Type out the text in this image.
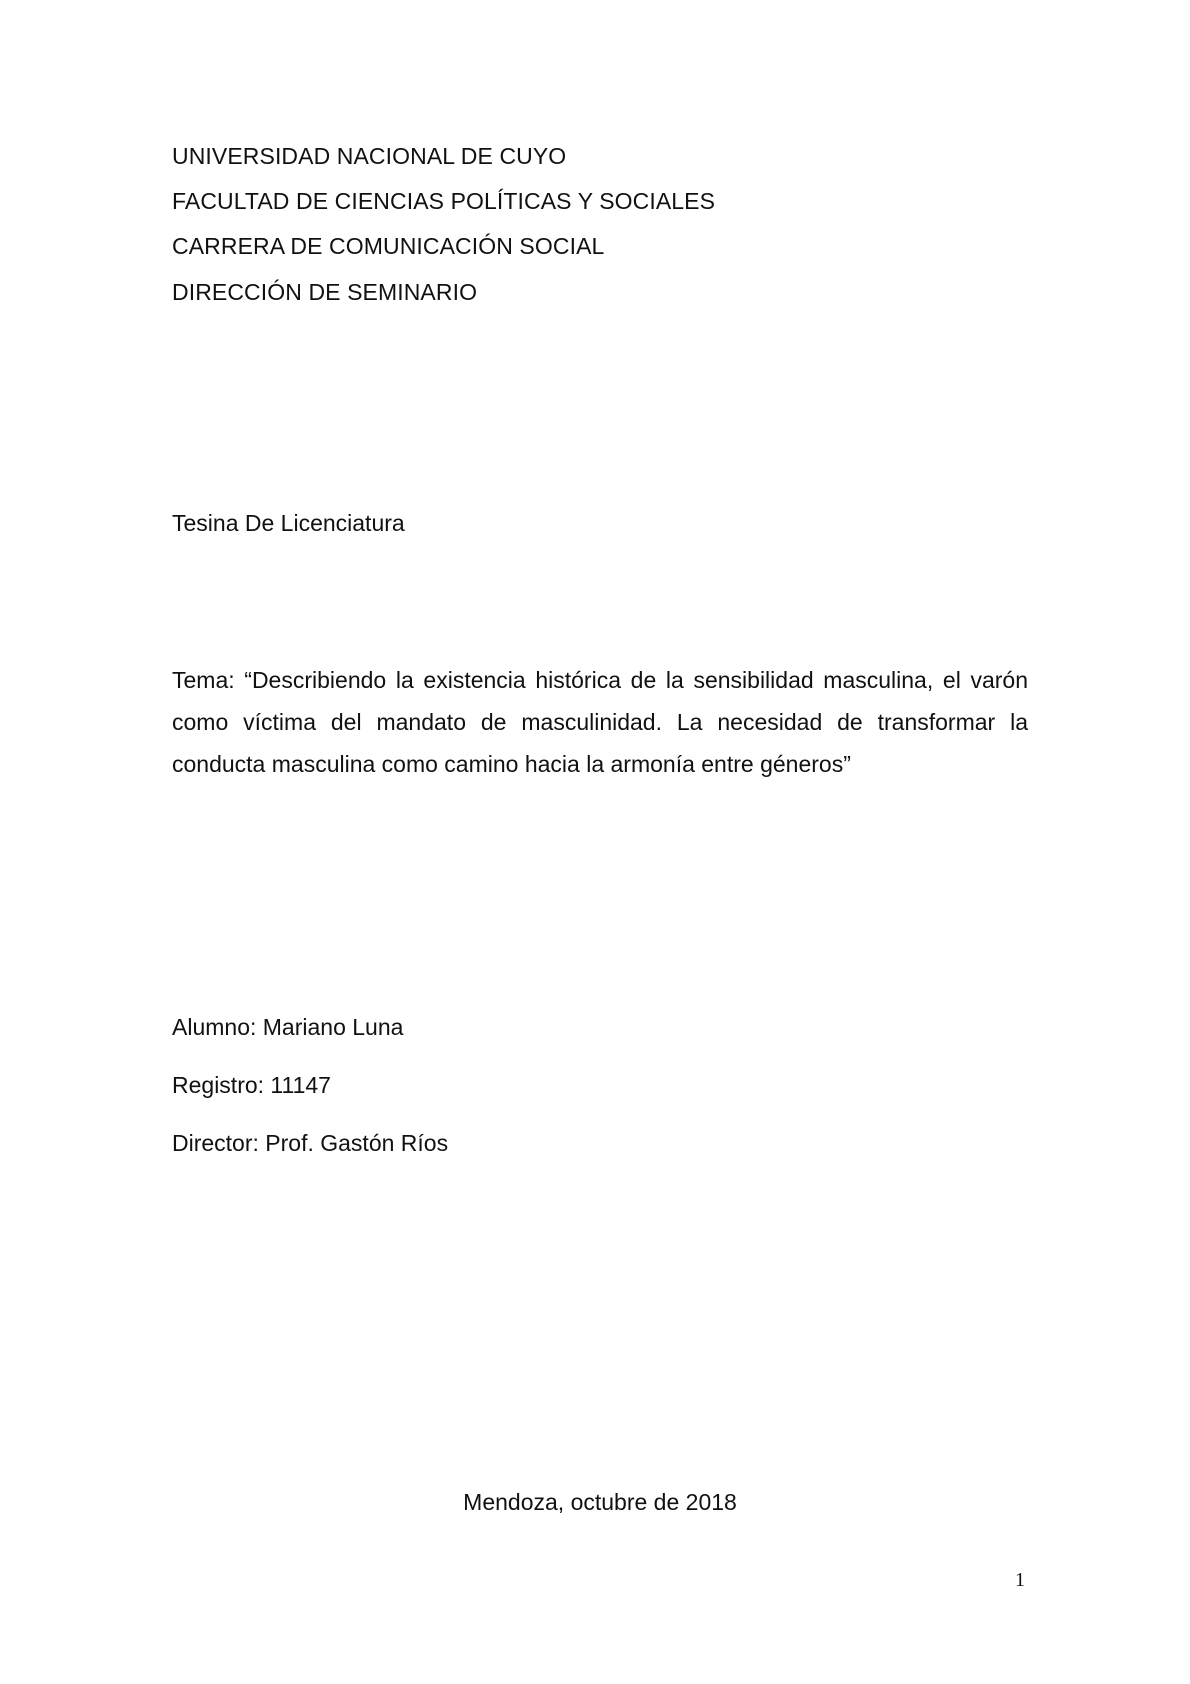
UNIVERSIDAD NACIONAL DE CUYO
FACULTAD DE CIENCIAS POLÍTICAS Y SOCIALES
CARRERA DE COMUNICACIÓN SOCIAL
DIRECCIÓN DE SEMINARIO
Tesina De Licenciatura
Tema: “Describiendo la existencia histórica de la sensibilidad masculina, el varón como víctima del mandato de masculinidad. La necesidad de transformar la conducta masculina como camino hacia la armonía entre géneros”
Alumno: Mariano Luna
Registro: 11147
Director: Prof. Gastón Ríos
Mendoza, octubre de 2018
1
